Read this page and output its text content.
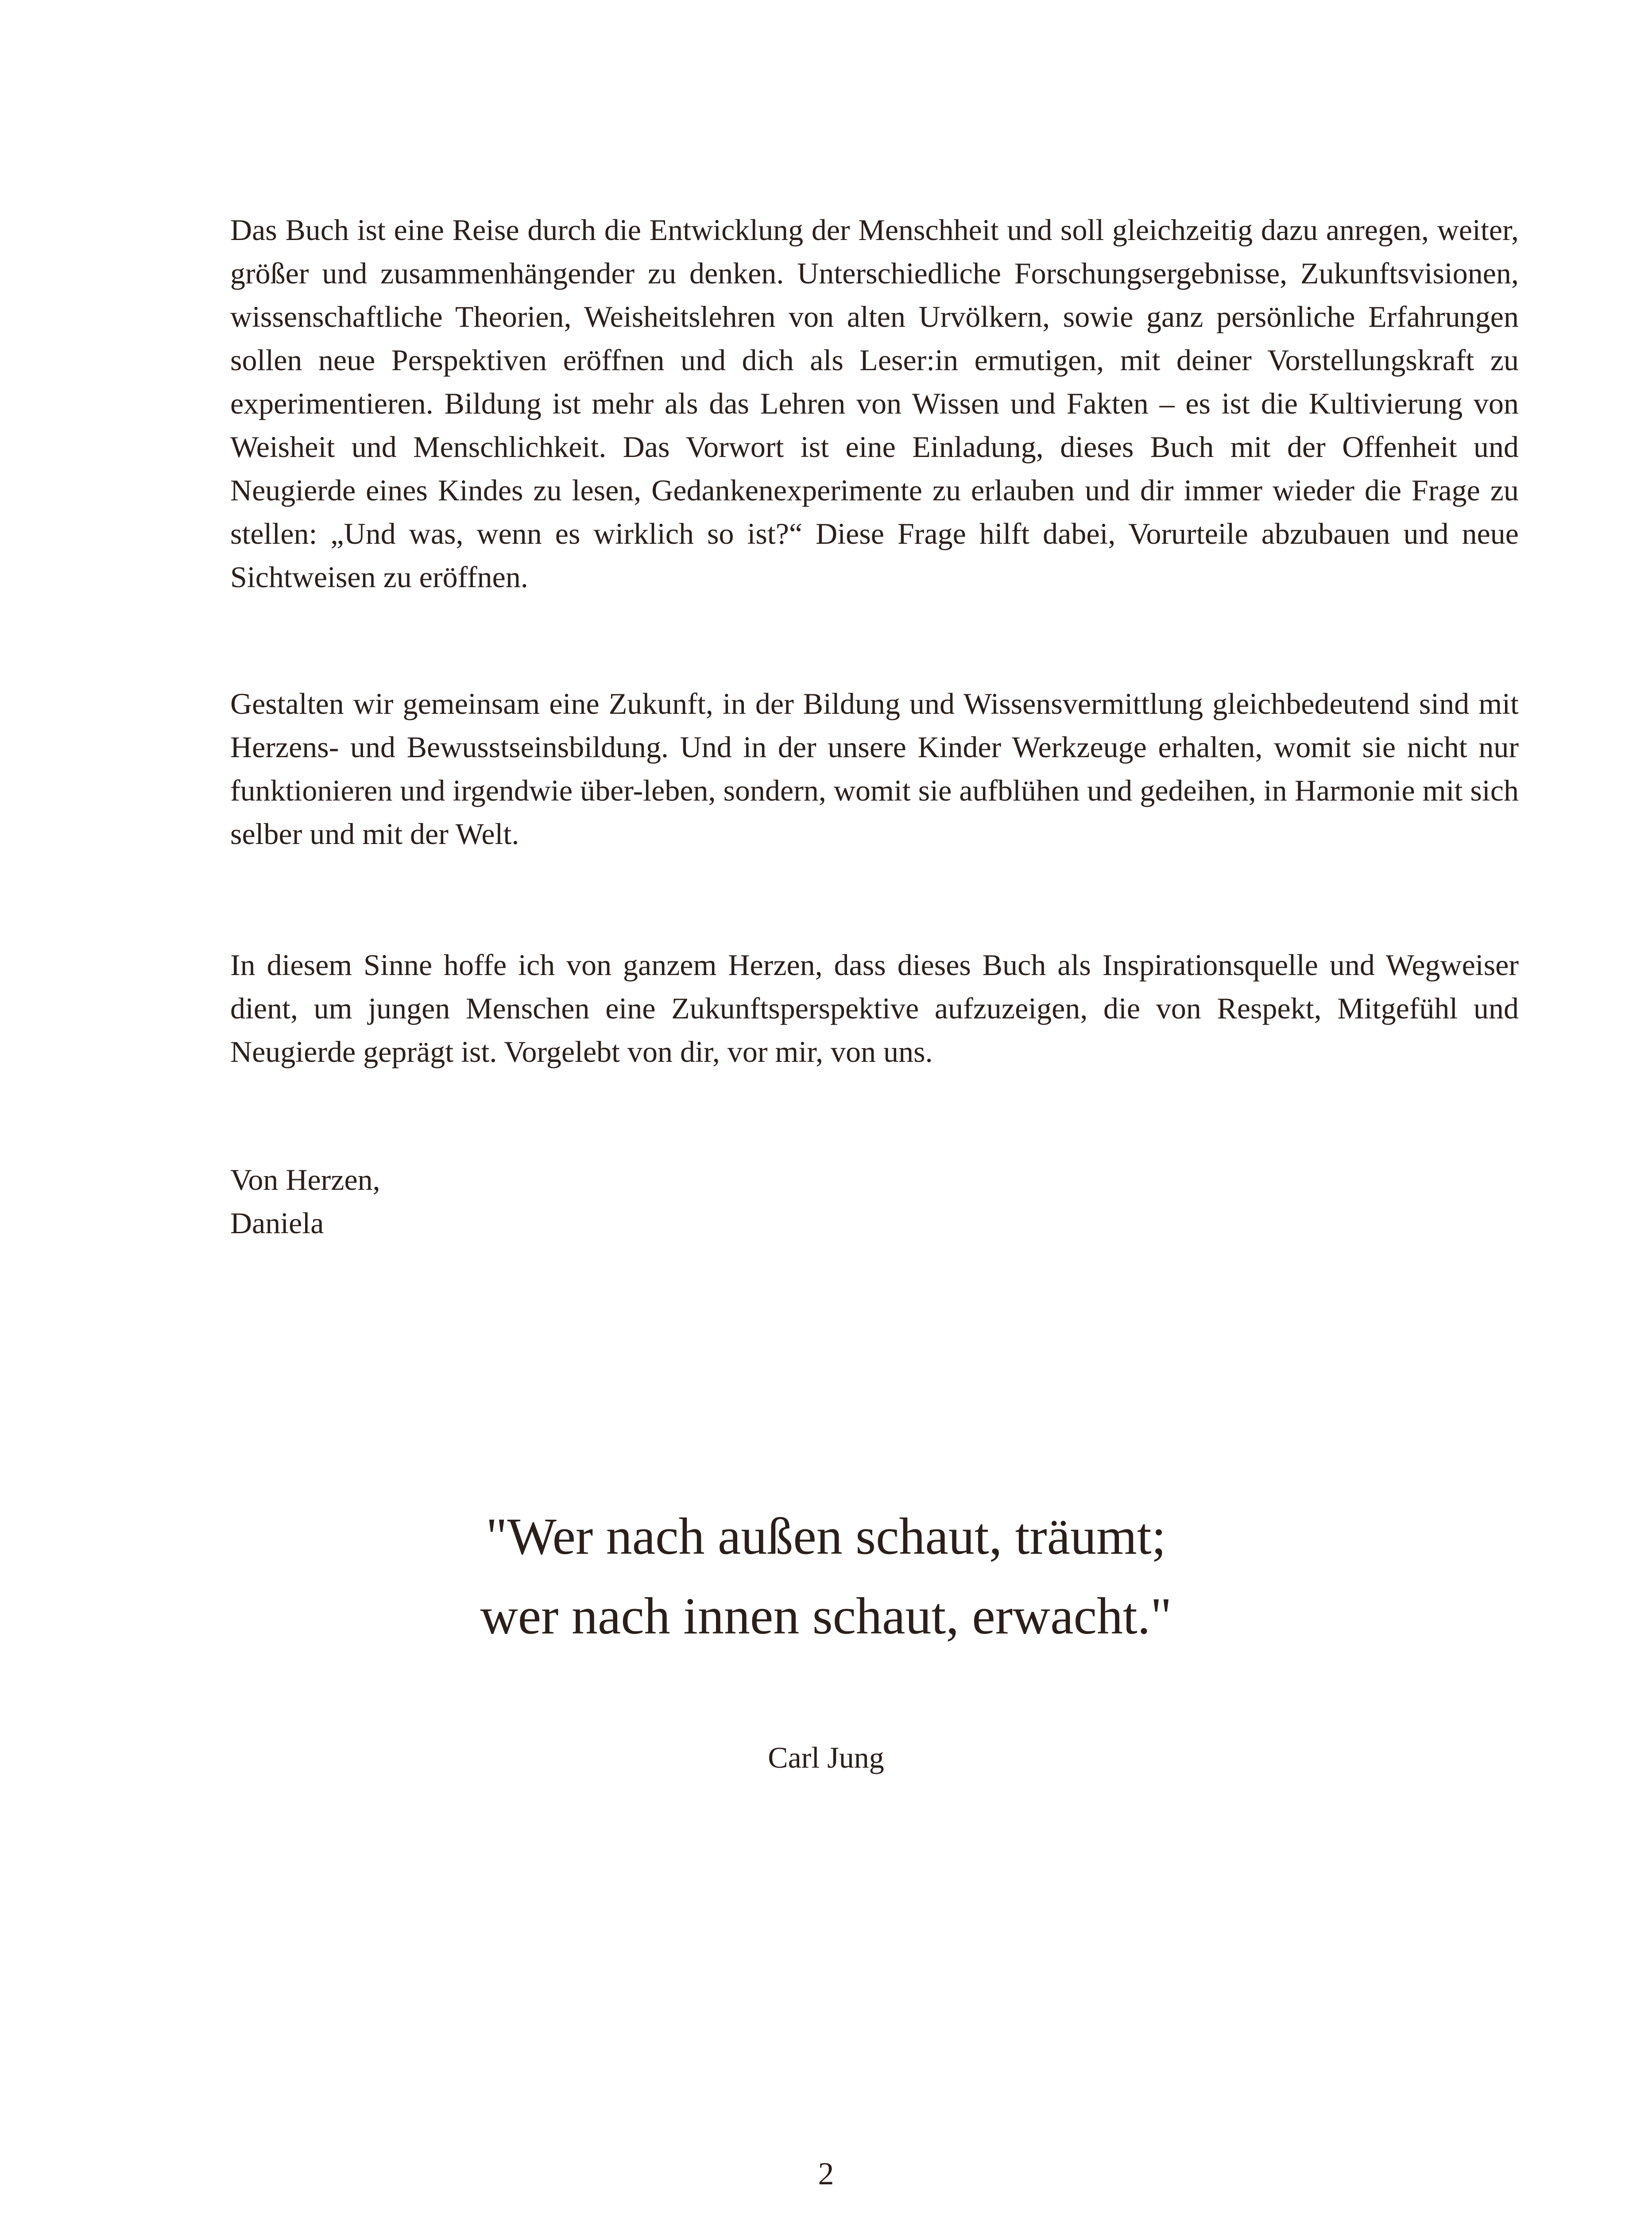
Das Buch ist eine Reise durch die Entwicklung der Menschheit und soll gleichzeitig dazu anregen, weiter, größer und zusammenhängender zu denken. Unterschiedliche Forschungsergebnisse, Zukunftsvisionen, wissenschaftliche Theorien, Weisheitslehren von alten Urvölkern, sowie ganz persönliche Erfahrungen sollen neue Perspektiven eröffnen und dich als Leser:in ermutigen, mit deiner Vorstellungskraft zu experimentieren. Bildung ist mehr als das Lehren von Wissen und Fakten – es ist die Kultivierung von Weisheit und Menschlichkeit. Das Vorwort ist eine Einladung, dieses Buch mit der Offenheit und Neugierde eines Kindes zu lesen, Gedankenexperimente zu erlauben und dir immer wieder die Frage zu stellen: „Und was, wenn es wirklich so ist?“ Diese Frage hilft dabei, Vorurteile abzubauen und neue Sichtweisen zu eröffnen.

Gestalten wir gemeinsam eine Zukunft, in der Bildung und Wissensvermittlung gleichbedeutend sind mit Herzens- und Bewusstseinsbildung. Und in der unsere Kinder Werkzeuge erhalten, womit sie nicht nur funktionieren und irgendwie über-leben, sondern, womit sie aufblühen und gedeihen, in Harmonie mit sich selber und mit der Welt.

In diesem Sinne hoffe ich von ganzem Herzen, dass dieses Buch als Inspirationsquelle und Wegweiser dient, um jungen Menschen eine Zukunftsperspektive aufzuzeigen, die von Respekt, Mitgefühl und Neugierde geprägt ist. Vorgelebt von dir, vor mir, von uns.

Von Herzen,
Daniela

"Wer nach außen schaut, träumt;
wer nach innen schaut, erwacht."

Carl Jung

2
